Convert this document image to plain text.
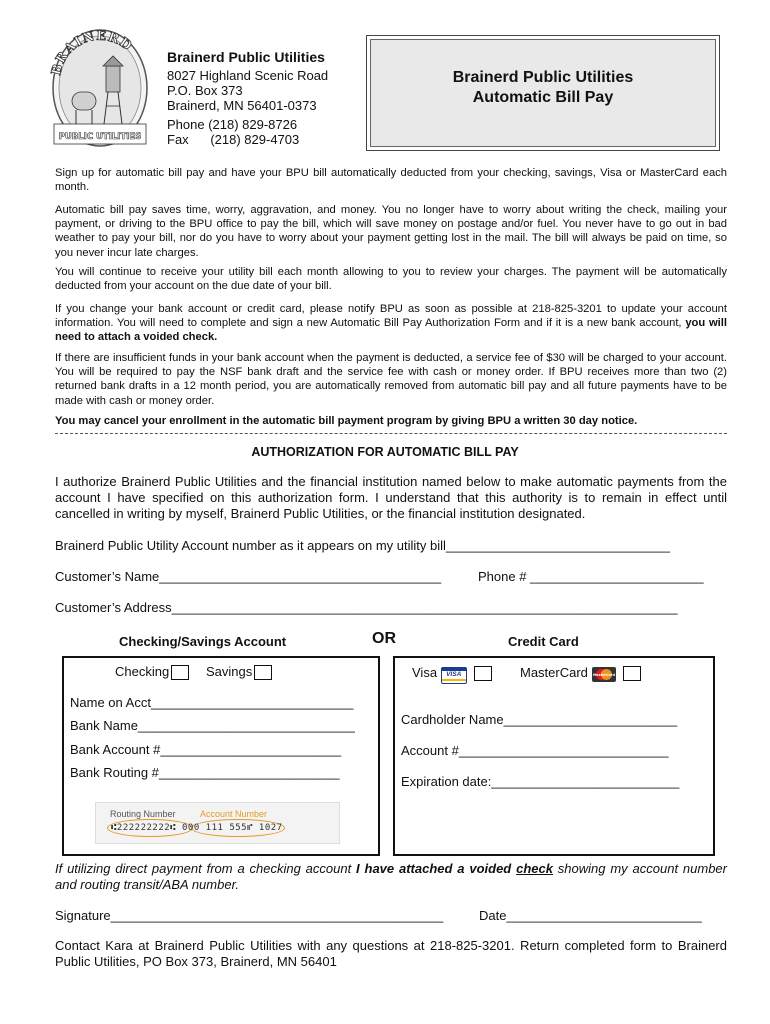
BRAINERD
PUBLIC UTILITIES
Brainerd Public Utilities
8027 Highland Scenic Road
P.O. Box 373
Brainerd, MN 56401-0373
Phone (218) 829-8726
Fax      (218) 829-4703
Brainerd Public Utilities
Automatic Bill Pay
Sign up for automatic bill pay and have your BPU bill automatically deducted from your checking, savings, Visa or MasterCard each month.
Automatic bill pay saves time, worry, aggravation, and money. You no longer have to worry about writing the check, mailing your payment, or driving to the BPU office to pay the bill, which will save money on postage and/or fuel. You never have to go out in bad weather to pay your bill, nor do you have to worry about your payment getting lost in the mail. The bill will always be paid on time, so you never incur late charges.
You will continue to receive your utility bill each month allowing to you to review your charges. The payment will be automatically deducted from your account on the due date of your bill.
If you change your bank account or credit card, please notify BPU as soon as possible at 218-825-3201 to update your account information. You will need to complete and sign a new Automatic Bill Pay Authorization Form and if it is a new bank account, you will need to attach a voided check.
If there are insufficient funds in your bank account when the payment is deducted, a service fee of $30 will be charged to your account. You will be required to pay the NSF bank draft and the service fee with cash or money order. If BPU receives more than two (2) returned bank drafts in a 12 month period, you are automatically removed from automatic bill pay and all future payments have to be made with cash or money order.
You may cancel your enrollment in the automatic bill payment program by giving BPU a written 30 day notice.
AUTHORIZATION FOR AUTOMATIC BILL PAY
I authorize Brainerd Public Utilities and the financial institution named below to make automatic payments from the account I have specified on this authorization form. I understand that this authority is to remain in effect until cancelled in writing by myself, Brainerd Public Utilities, or the financial institution designated.
Brainerd Public Utility Account number as it appears on my utility bill_______________________________
Customer’s Name_______________________________________	Phone # ________________________
Customer’s Address______________________________________________________________________
Checking/Savings Account	OR	Credit Card
Checking	Savings
Name on Acct____________________________
Bank Name______________________________
Bank Account #_________________________
Bank Routing #_________________________
Routing Number	Account Number
⑆222222222⑆ 000 111 555⑈ 1027
Visa	VISA
	MasterCard MasterCard

Cardholder Name________________________
Account #_____________________________
Expiration date:__________________________
If utilizing direct payment from a checking account I have attached a voided check showing my account number and routing transit/ABA number.
Signature______________________________________________	Date___________________________
Contact Kara at Brainerd Public Utilities with any questions at 218-825-3201. Return completed form to Brainerd Public Utilities, PO Box 373, Brainerd, MN 56401
